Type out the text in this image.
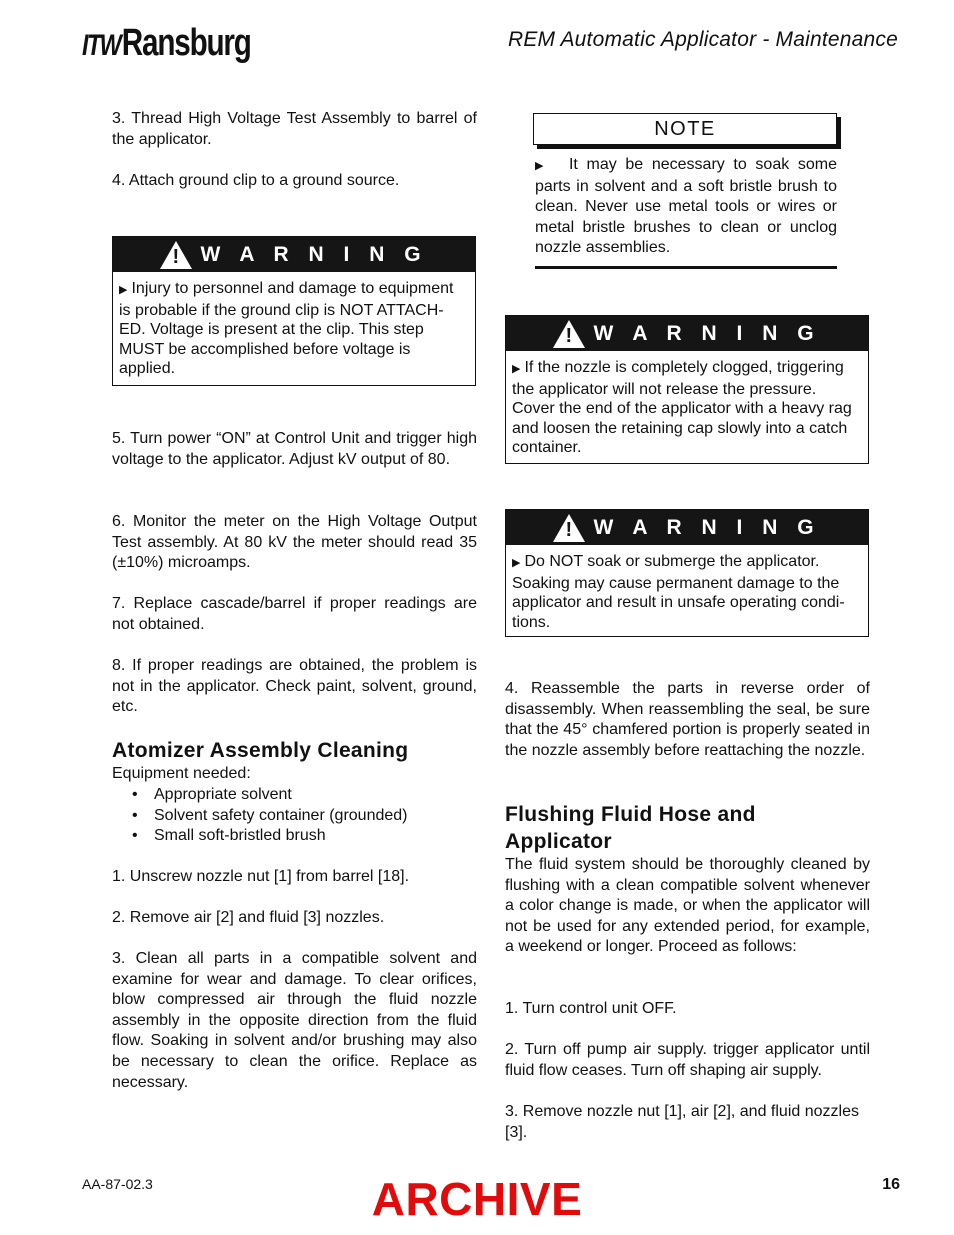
ITWRansburg	REM Automatic Applicator - Maintenance

3. Thread High Voltage Test Assembly to barrel of the applicator.

4. Attach ground clip to a ground source.

! W A R N I N G
▶ Injury to personnel and damage to equipment is probable if the ground clip is NOT ATTACH-ED. Voltage is present at the clip. This step MUST be accomplished before voltage is applied.

5. Turn power “ON” at Control Unit and trigger high voltage to the applicator. Adjust kV output of 80.

6. Monitor the meter on the High Voltage Output Test assembly. At 80 kV the meter should read 35 (±10%) microamps.

7. Replace cascade/barrel if proper readings are not obtained.

8. If proper readings are obtained, the problem is not in the applicator. Check paint, solvent, ground, etc.

Atomizer Assembly Cleaning

Equipment needed:

• Appropriate solvent
• Solvent safety container (grounded)
• Small soft-bristled brush

1. Unscrew nozzle nut [1] from barrel [18].

2. Remove air [2] and fluid [3] nozzles.

3. Clean all parts in a compatible solvent and examine for wear and damage. To clear orifices, blow compressed air through the fluid nozzle assembly in the opposite direction from the fluid flow. Soaking in solvent and/or brushing may also be necessary to clean the orifice. Replace as necessary.

NOTE

▶ It may be necessary to soak some parts in solvent and a soft bristle brush to clean. Never use metal tools or wires or metal bristle brushes to clean or unclog nozzle assemblies.

! W A R N I N G
▶ If the nozzle is completely clogged, triggering the applicator will not release the pressure. Cover the end of the applicator with a heavy rag and loosen the retaining cap slowly into a catch container.
! W A R N I N G
▶ Do NOT soak or submerge the applicator. Soaking may cause permanent damage to the applicator and result in unsafe operating condi-tions.

4. Reassemble the parts in reverse order of disassembly. When reassembling the seal, be sure that the 45° chamfered portion is properly seated in the nozzle assembly before reattaching the nozzle.

Flushing Fluid Hose and Applicator

The fluid system should be thoroughly cleaned by flushing with a clean compatible solvent whenever a color change is made, or when the applicator will not be used for any extended period, for example, a weekend or longer. Proceed as follows:

1. Turn control unit OFF.

2. Turn off pump air supply. trigger applicator until fluid flow ceases. Turn off shaping air supply.

3. Remove nozzle nut [1], air [2], and fluid nozzles [3].

AA-87-02.3	ARCHIVE	16
